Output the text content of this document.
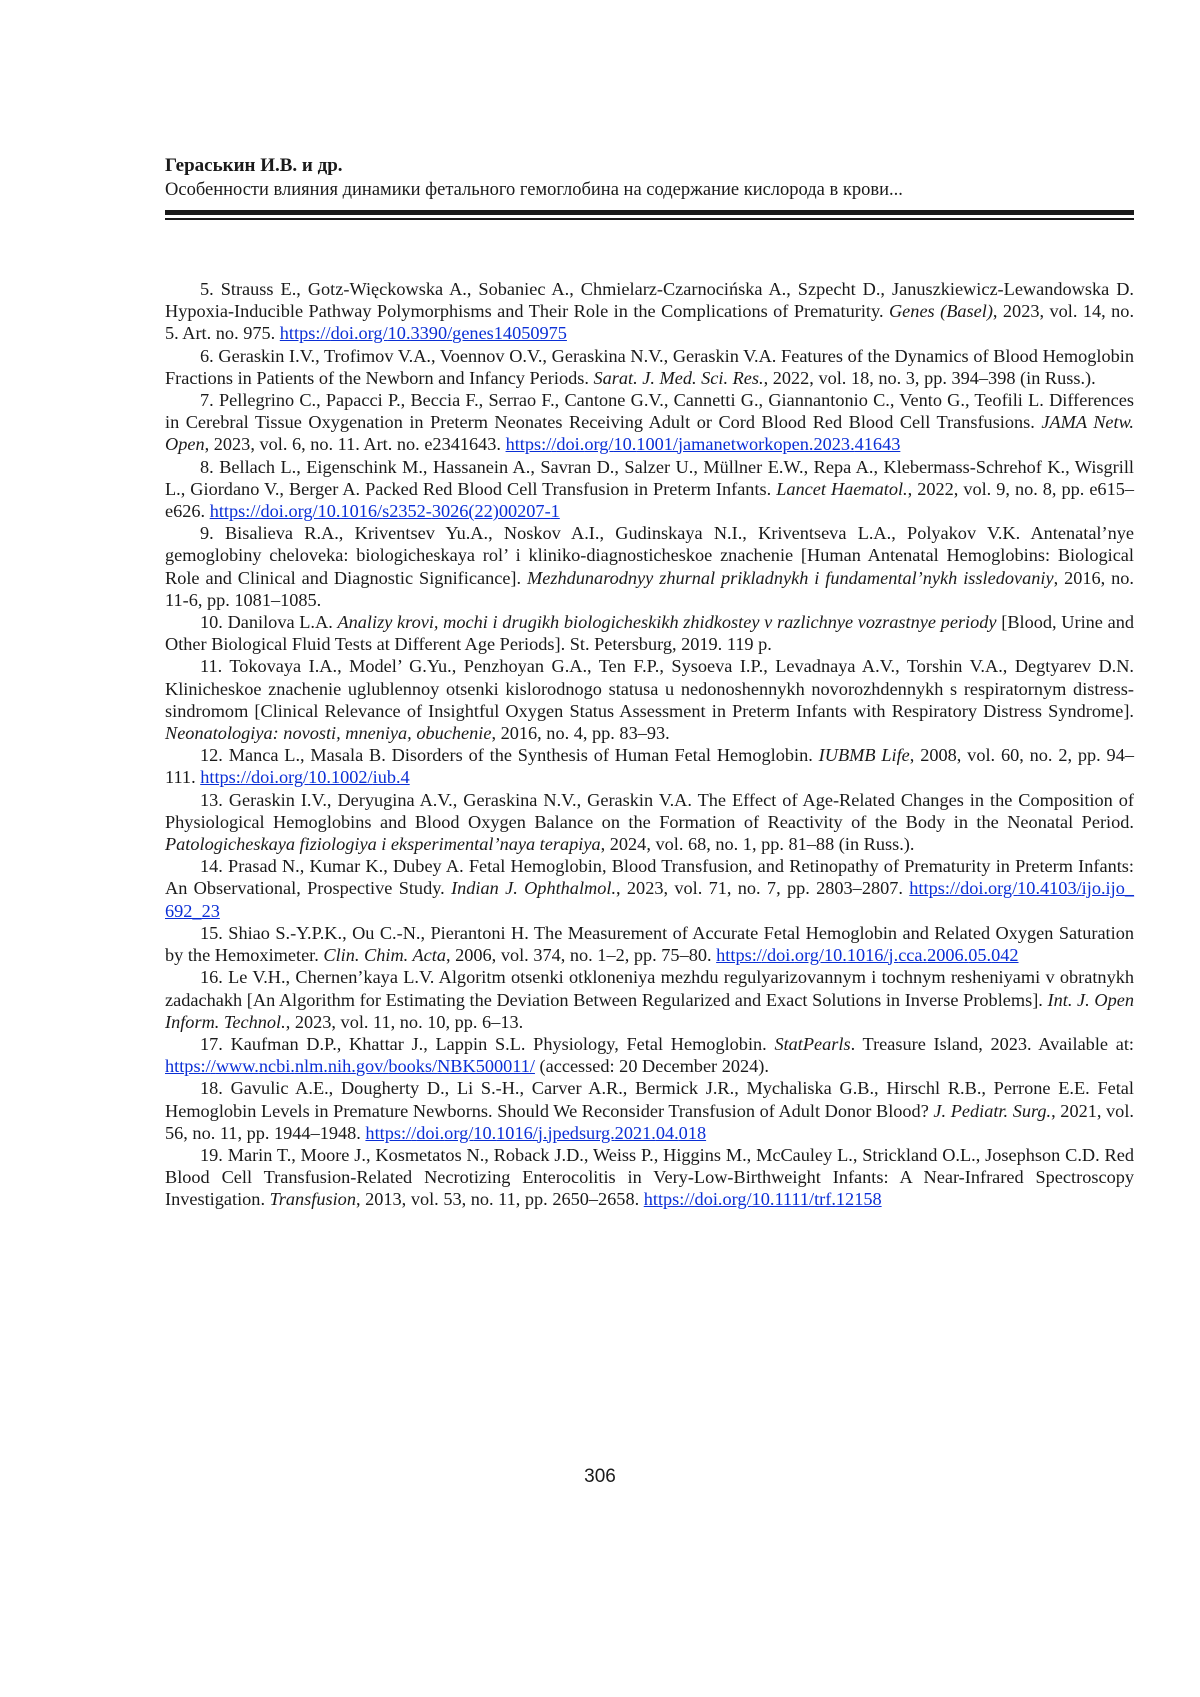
Гераськин И.В. и др.
Особенности влияния динамики фетального гемоглобина на содержание кислорода в крови...

5. Strauss E., Gotz-Więckowska A., Sobaniec A., Chmielarz-Czarnocińska A., Szpecht D., Januszkiewicz-Lewandowska D. Hypoxia-Inducible Pathway Polymorphisms and Their Role in the Complications of Prematurity. Genes (Basel), 2023, vol. 14, no. 5. Art. no. 975. https://doi.org/10.3390/genes14050975

6. Geraskin I.V., Trofimov V.A., Voennov O.V., Geraskina N.V., Geraskin V.A. Features of the Dynamics of Blood Hemoglobin Fractions in Patients of the Newborn and Infancy Periods. Sarat. J. Med. Sci. Res., 2022, vol. 18, no. 3, pp. 394–398 (in Russ.).

7. Pellegrino C., Papacci P., Beccia F., Serrao F., Cantone G.V., Cannetti G., Giannantonio C., Vento G., Teofili L. Differences in Cerebral Tissue Oxygenation in Preterm Neonates Receiving Adult or Cord Blood Red Blood Cell Transfusions. JAMA Netw. Open, 2023, vol. 6, no. 11. Art. no. e2341643. https://doi.org/10.1001/jamanetworkopen.2023.41643

8. Bellach L., Eigenschink M., Hassanein A., Savran D., Salzer U., Müllner E.W., Repa A., Klebermass-Schrehof K., Wisgrill L., Giordano V., Berger A. Packed Red Blood Cell Transfusion in Preterm Infants. Lancet Haematol., 2022, vol. 9, no. 8, pp. e615–e626. https://doi.org/10.1016/s2352-3026(22)00207-1

9. Bisalieva R.A., Kriventsev Yu.A., Noskov A.I., Gudinskaya N.I., Kriventseva L.A., Polyakov V.K. Antenatal’nye gemoglobiny cheloveka: biologicheskaya rol’ i kliniko-diagnosticheskoe znachenie [Human Antenatal Hemoglobins: Biological Role and Clinical and Diagnostic Significance]. Mezhdunarodnyy zhurnal prikladnykh i fundamental’nykh issledovaniy, 2016, no. 11-6, pp. 1081–1085.

10. Danilova L.A. Analizy krovi, mochi i drugikh biologicheskikh zhidkostey v razlichnye vozrastnye periody [Blood, Urine and Other Biological Fluid Tests at Different Age Periods]. St. Petersburg, 2019. 119 p.

11. Tokovaya I.A., Model’ G.Yu., Penzhoyan G.A., Ten F.P., Sysoeva I.P., Levadnaya A.V., Torshin V.A., Degtyarev D.N. Klinicheskoe znachenie uglublennoy otsenki kislorodnogo statusa u nedonoshennykh novorozhdennykh s respiratornym distress-sindromom [Clinical Relevance of Insightful Oxygen Status Assessment in Preterm Infants with Respiratory Distress Syndrome]. Neonatologiya: novosti, mneniya, obuchenie, 2016, no. 4, pp. 83–93.

12. Manca L., Masala B. Disorders of the Synthesis of Human Fetal Hemoglobin. IUBMB Life, 2008, vol. 60, no. 2, pp. 94–111. https://doi.org/10.1002/iub.4

13. Geraskin I.V., Deryugina A.V., Geraskina N.V., Geraskin V.A. The Effect of Age-Related Changes in the Composition of Physiological Hemoglobins and Blood Oxygen Balance on the Formation of Reactivity of the Body in the Neonatal Period. Patologicheskaya fiziologiya i eksperimental’naya terapiya, 2024, vol. 68, no. 1, pp. 81–88 (in Russ.).

14. Prasad N., Kumar K., Dubey A. Fetal Hemoglobin, Blood Transfusion, and Retinopathy of Prematurity in Preterm Infants: An Observational, Prospective Study. Indian J. Ophthalmol., 2023, vol. 71, no. 7, pp. 2803–2807. https://doi.org/10.4103/ijo.ijo_692_23

15. Shiao S.-Y.P.K., Ou C.-N., Pierantoni H. The Measurement of Accurate Fetal Hemoglobin and Related Oxygen Saturation by the Hemoximeter. Clin. Chim. Acta, 2006, vol. 374, no. 1–2, pp. 75–80. https://doi.org/10.1016/j.cca.2006.05.042

16. Le V.H., Chernen’kaya L.V. Algoritm otsenki otkloneniya mezhdu regulyarizovannym i tochnym resheniyami v obratnykh zadachakh [An Algorithm for Estimating the Deviation Between Regularized and Exact Solutions in Inverse Problems]. Int. J. Open Inform. Technol., 2023, vol. 11, no. 10, pp. 6–13.

17. Kaufman D.P., Khattar J., Lappin S.L. Physiology, Fetal Hemoglobin. StatPearls. Treasure Island, 2023. Available at: https://www.ncbi.nlm.nih.gov/books/NBK500011/ (accessed: 20 December 2024).

18. Gavulic A.E., Dougherty D., Li S.-H., Carver A.R., Bermick J.R., Mychaliska G.B., Hirschl R.B., Perrone E.E. Fetal Hemoglobin Levels in Premature Newborns. Should We Reconsider Transfusion of Adult Donor Blood? J. Pediatr. Surg., 2021, vol. 56, no. 11, pp. 1944–1948. https://doi.org/10.1016/j.jpedsurg.2021.04.018

19. Marin T., Moore J., Kosmetatos N., Roback J.D., Weiss P., Higgins M., McCauley L., Strickland O.L., Josephson C.D. Red Blood Cell Transfusion-Related Necrotizing Enterocolitis in Very-Low-Birthweight Infants: A Near-Infrared Spectroscopy Investigation. Transfusion, 2013, vol. 53, no. 11, pp. 2650–2658. https://doi.org/10.1111/trf.12158

306
